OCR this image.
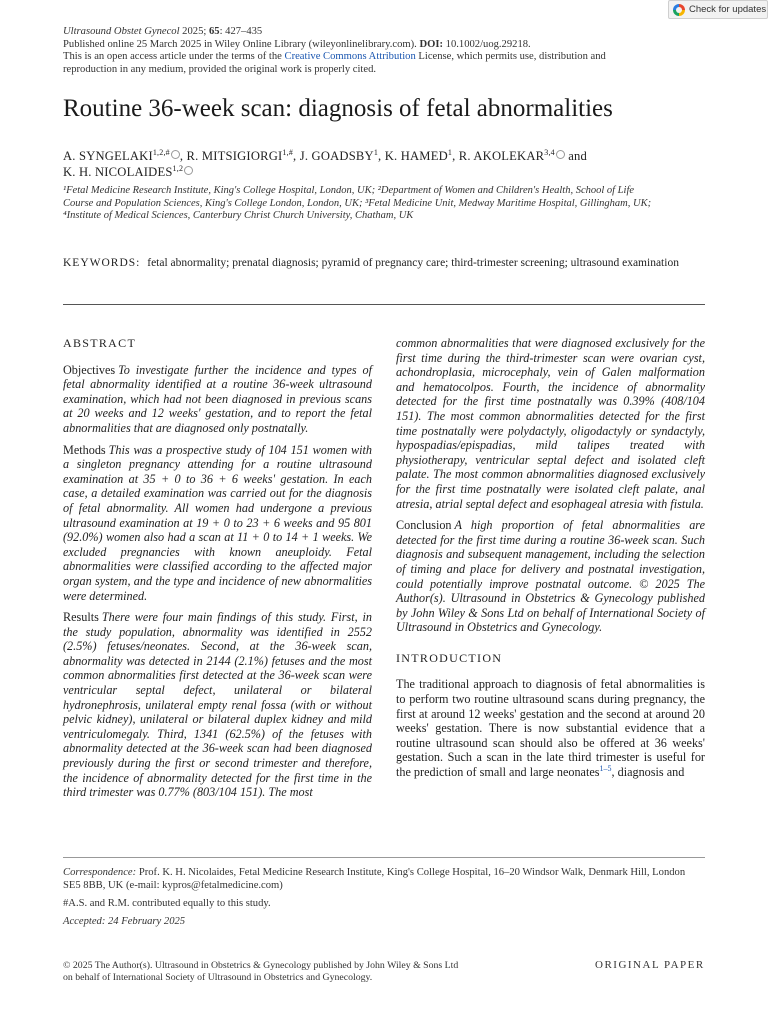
Check for updates
Ultrasound Obstet Gynecol 2025; 65: 427–435
Published online 25 March 2025 in Wiley Online Library (wileyonlinelibrary.com). DOI: 10.1002/uog.29218.
This is an open access article under the terms of the Creative Commons Attribution License, which permits use, distribution and
reproduction in any medium, provided the original work is properly cited.
Routine 36-week scan: diagnosis of fetal abnormalities
A. $SYNGELAKI^{1,2,\#}$ , R. $MITSIGIORGI^{1,\#}$, J. GOADSBY$^1$, K. HAMED$^1$, R. AKOLEKAR$^{3,4}$ and
K. H. NICOLAIDES$^{1,2}$
¹Fetal Medicine Research Institute, King's College Hospital, London, UK; ²Department of Women and Children's Health, School of Life
Course and Population Sciences, King's College London, London, UK; ³Fetal Medicine Unit, Medway Maritime Hospital, Gillingham, UK;
⁴Institute of Medical Sciences, Canterbury Christ Church University, Chatham, UK
KEYWORDS: fetal abnormality; prenatal diagnosis; pyramid of pregnancy care; third-trimester screening; ultrasound examination
ABSTRACT

Objectives To investigate further the incidence and types of fetal abnormality identified at a routine 36-week ultrasound examination, which had not been diagnosed in previous scans at 20 weeks and 12 weeks' gestation, and to report the fetal abnormalities that are diagnosed only postnatally.

Methods This was a prospective study of 104 151 women with a singleton pregnancy attending for a routine ultrasound examination at 35 + 0 to 36 + 6 weeks' gestation. In each case, a detailed examination was carried out for the diagnosis of fetal abnormality. All women had undergone a previous ultrasound examination at 19 + 0 to 23 + 6 weeks and 95 801 (92.0%) women also had a scan at 11 + 0 to 14 + 1 weeks. We excluded pregnancies with known aneuploidy. Fetal abnormalities were classified according to the affected major organ system, and the type and incidence of new abnormalities were determined.

Results There were four main findings of this study. First, in the study population, abnormality was identified in 2552 (2.5%) fetuses/neonates. Second, at the 36-week scan, abnormality was detected in 2144 (2.1%) fetuses and the most common abnormalities first detected at the 36-week scan were ventricular septal defect, unilateral or bilateral hydronephrosis, unilateral empty renal fossa (with or without pelvic kidney), unilateral or bilateral duplex kidney and mild ventriculomegaly. Third, 1341 (62.5%) of the fetuses with abnormality detected at the 36-week scan had been diagnosed previously during the first or second trimester and therefore, the incidence of abnormality detected for the first time in the third trimester was 0.77% (803/104 151). The most

common abnormalities that were diagnosed exclusively for the first time during the third-trimester scan were ovarian cyst, achondroplasia, microcephaly, vein of Galen malformation and hematocolpos. Fourth, the incidence of abnormality detected for the first time postnatally was 0.39% (408/104 151). The most common abnormalities detected for the first time postnatally were polydactyly, oligodactyly or syndactyly, hypospadias/epispadias, mild talipes treated with physiotherapy, ventricular septal defect and isolated cleft palate. The most common abnormalities diagnosed exclusively for the first time postnatally were isolated cleft palate, anal atresia, atrial septal defect and esophageal atresia with fistula.

Conclusion A high proportion of fetal abnormalities are detected for the first time during a routine 36-week scan. Such diagnosis and subsequent management, including the selection of timing and place for delivery and postnatal investigation, could potentially improve postnatal outcome. © 2025 The Author(s). Ultrasound in Obstetrics & Gynecology published by John Wiley & Sons Ltd on behalf of International Society of Ultrasound in Obstetrics and Gynecology.

INTRODUCTION

The traditional approach to diagnosis of fetal abnormalities is to perform two routine ultrasound scans during pregnancy, the first at around 12 weeks' gestation and the second at around 20 weeks' gestation. There is now substantial evidence that a routine ultrasound scan should also be offered at 36 weeks' gestation. Such a scan in the late third trimester is useful for the prediction of small and large neonates$^{1-5}$, diagnosis and

Correspondence: Prof. K. H. Nicolaides, Fetal Medicine Research Institute, King's College Hospital, 16–20 Windsor Walk, Denmark Hill, London SE5 8BB, UK (e-mail: kypros@fetalmedicine.com)

#A.S. and R.M. contributed equally to this study.

Accepted: 24 February 2025

© 2025 The Author(s). Ultrasound in Obstetrics & Gynecology published by John Wiley & Sons Ltd
on behalf of International Society of Ultrasound in Obstetrics and Gynecology.
ORIGINAL PAPER
